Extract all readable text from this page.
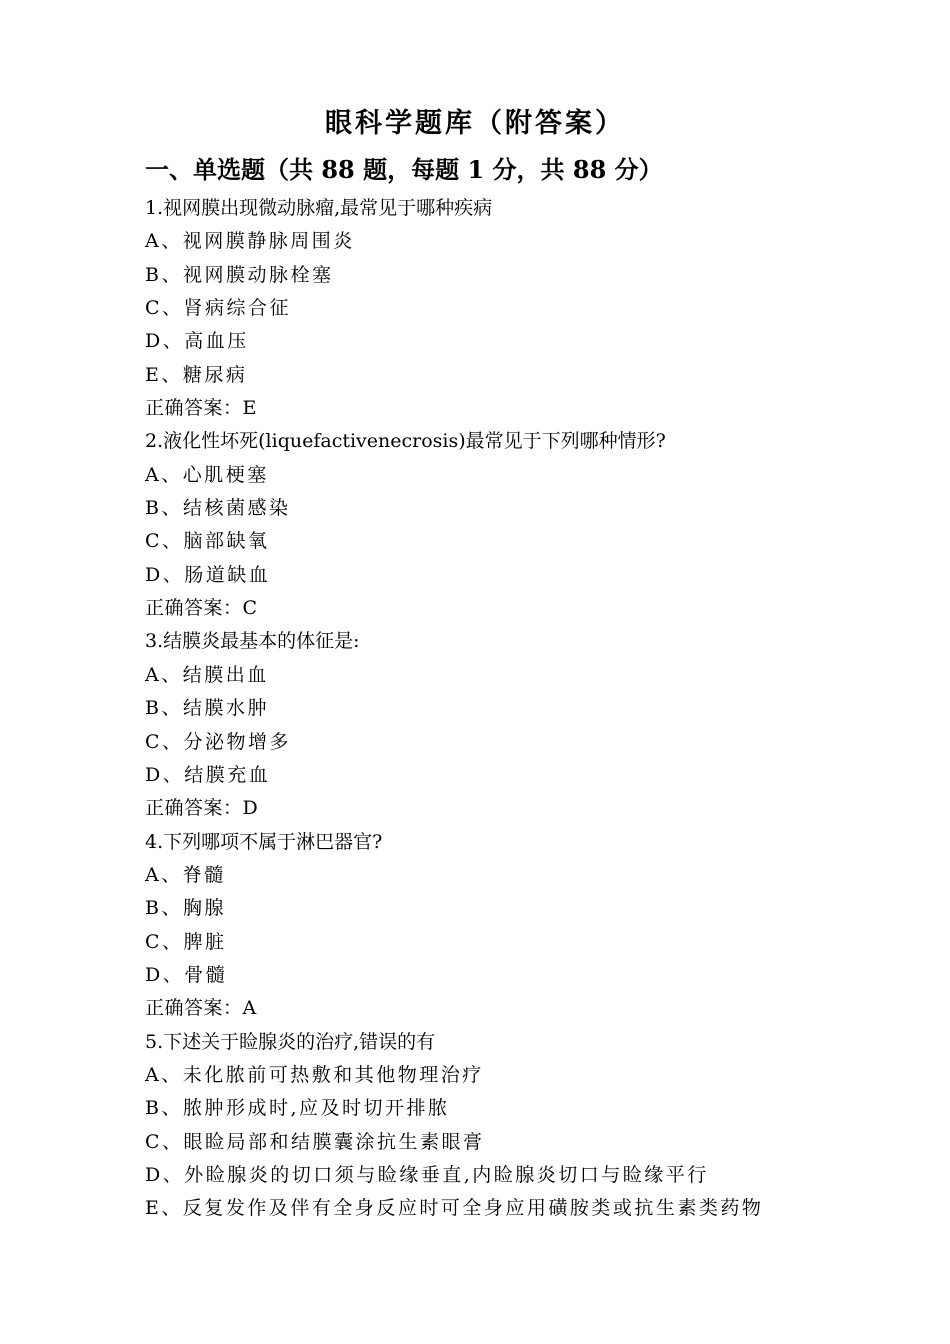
眼科学题库（附答案）
一、单选题（共 88 题，每题 1 分，共 88 分）
1.视网膜出现微动脉瘤,最常见于哪种疾病
A、视网膜静脉周围炎
B、视网膜动脉栓塞
C、肾病综合征
D、高血压
E、糖尿病
正确答案：E
2.液化性坏死(liquefactivenecrosis)最常见于下列哪种情形?
A、心肌梗塞
B、结核菌感染
C、脑部缺氧
D、肠道缺血
正确答案：C
3.结膜炎最基本的体征是:
A、结膜出血
B、结膜水肿
C、分泌物增多
D、结膜充血
正确答案：D
4.下列哪项不属于淋巴器官?
A、脊髓
B、胸腺
C、脾脏
D、骨髓
正确答案：A
5.下述关于睑腺炎的治疗,错误的有
A、未化脓前可热敷和其他物理治疗
B、脓肿形成时,应及时切开排脓
C、眼睑局部和结膜囊涂抗生素眼膏
D、外睑腺炎的切口须与睑缘垂直,内睑腺炎切口与睑缘平行
E、反复发作及伴有全身反应时可全身应用磺胺类或抗生素类药物
